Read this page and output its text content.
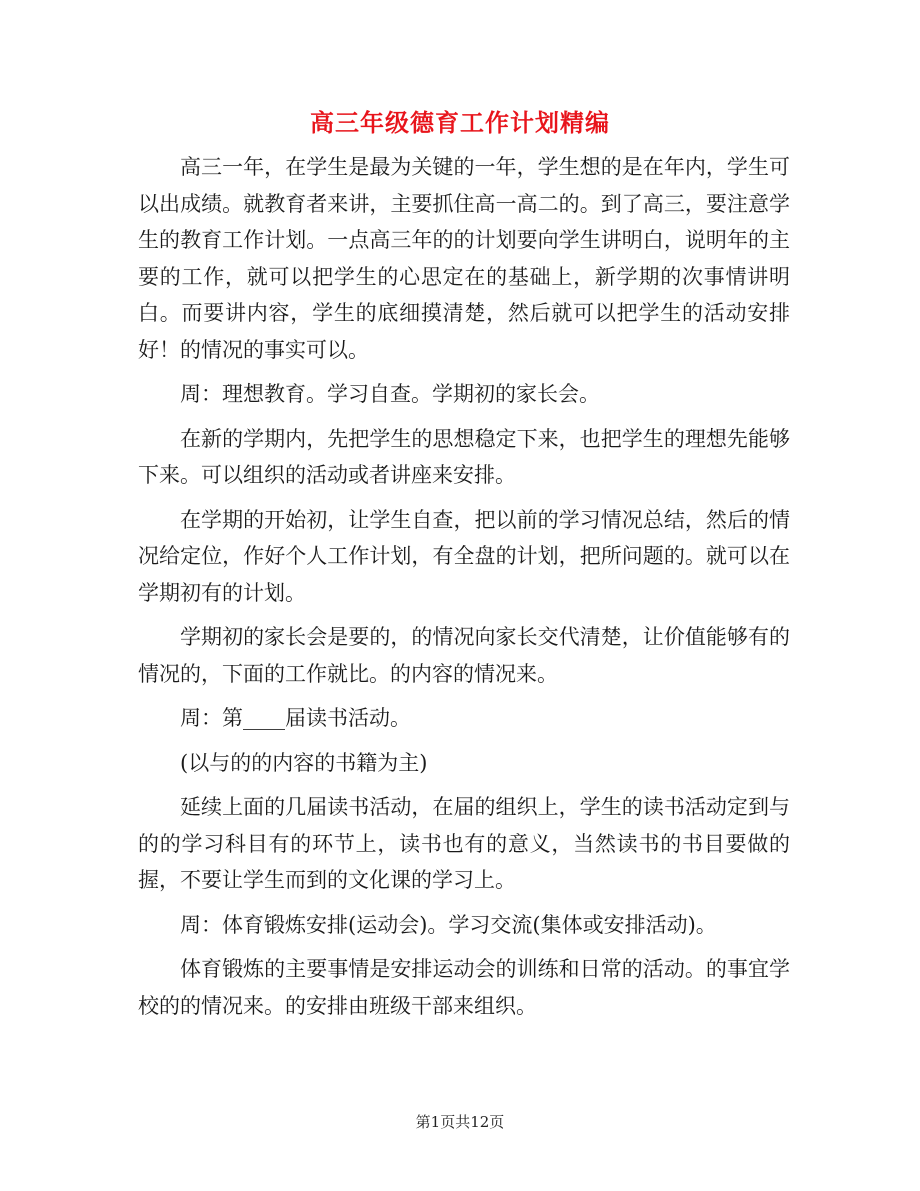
高三年级德育工作计划精编

高三一年，在学生是最为关键的一年，学生想的是在年内，学生可以出成绩。就教育者来讲，主要抓住高一高二的。到了高三，要注意学生的教育工作计划。一点高三年的的计划要向学生讲明白，说明年的主要的工作，就可以把学生的心思定在的基础上，新学期的次事情讲明白。而要讲内容，学生的底细摸清楚，然后就可以把学生的活动安排好！的情况的事实可以。

周：理想教育。学习自查。学期初的家长会。

在新的学期内，先把学生的思想稳定下来，也把学生的理想先能够下来。可以组织的活动或者讲座来安排。

在学期的开始初，让学生自查，把以前的学习情况总结，然后的情况给定位，作好个人工作计划，有全盘的计划，把所问题的。就可以在学期初有的计划。

学期初的家长会是要的，的情况向家长交代清楚，让价值能够有的情况的，下面的工作就比。的内容的情况来。

周：第____届读书活动。

(以与的的内容的书籍为主)

延续上面的几届读书活动，在届的组织上，学生的读书活动定到与的的学习科目有的环节上，读书也有的意义，当然读书的书目要做的握，不要让学生而到的文化课的学习上。

周：体育锻炼安排(运动会)。学习交流(集体或安排活动)。

体育锻炼的主要事情是安排运动会的训练和日常的活动。的事宜学校的的情况来。的安排由班级干部来组织。

第1页共12页
